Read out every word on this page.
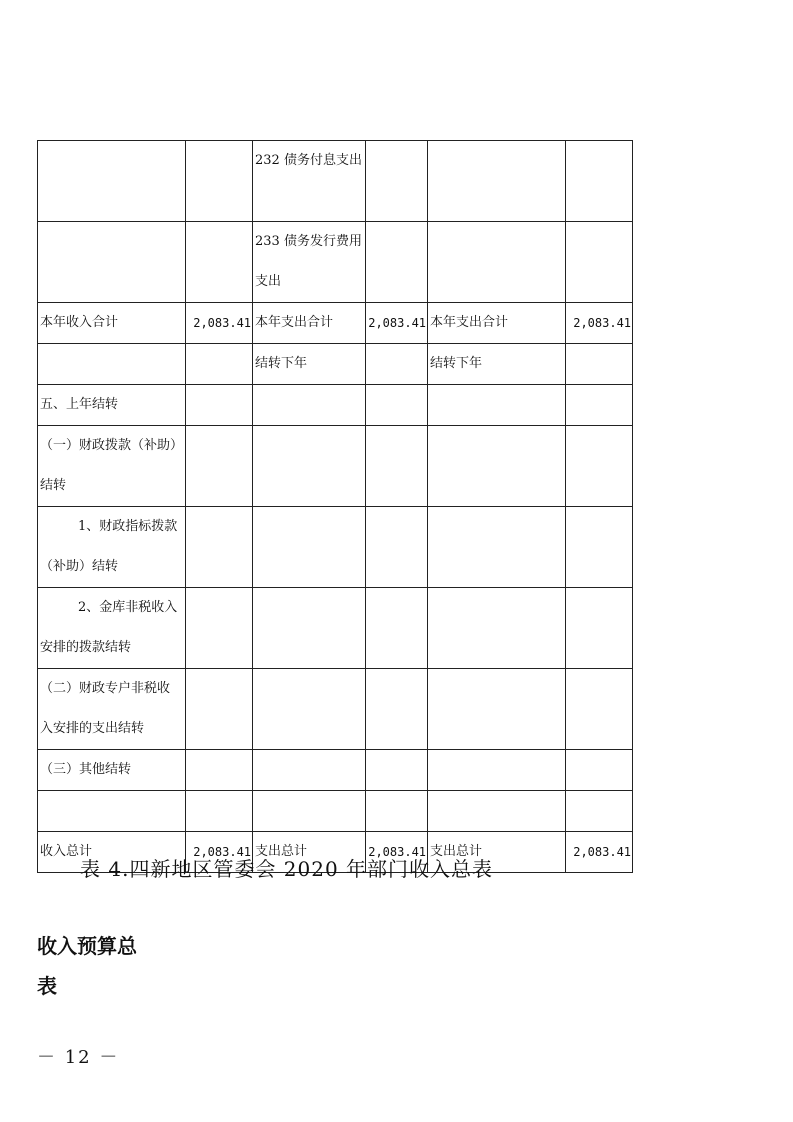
		232 债务付息支出			

		233 债务发行费用
支出			

本年收入合计	2,083.41	本年支出合计	2,083.41	本年支出合计	2,083.41

		结转下年		结转下年	

五、上年结转					

（一）财政拨款（补助）
结转					

1、财政指标拨款
（补助）结转					

2、金库非税收入
安排的拨款结转					

（二）财政专户非税收
入安排的支出结转					

（三）其他结转					

收入总计	2,083.41	支出总计	2,083.41	支出总计	2,083.41
表 4.四新地区管委会 2020 年部门收入总表
收入预算总
表
－ 12 －
